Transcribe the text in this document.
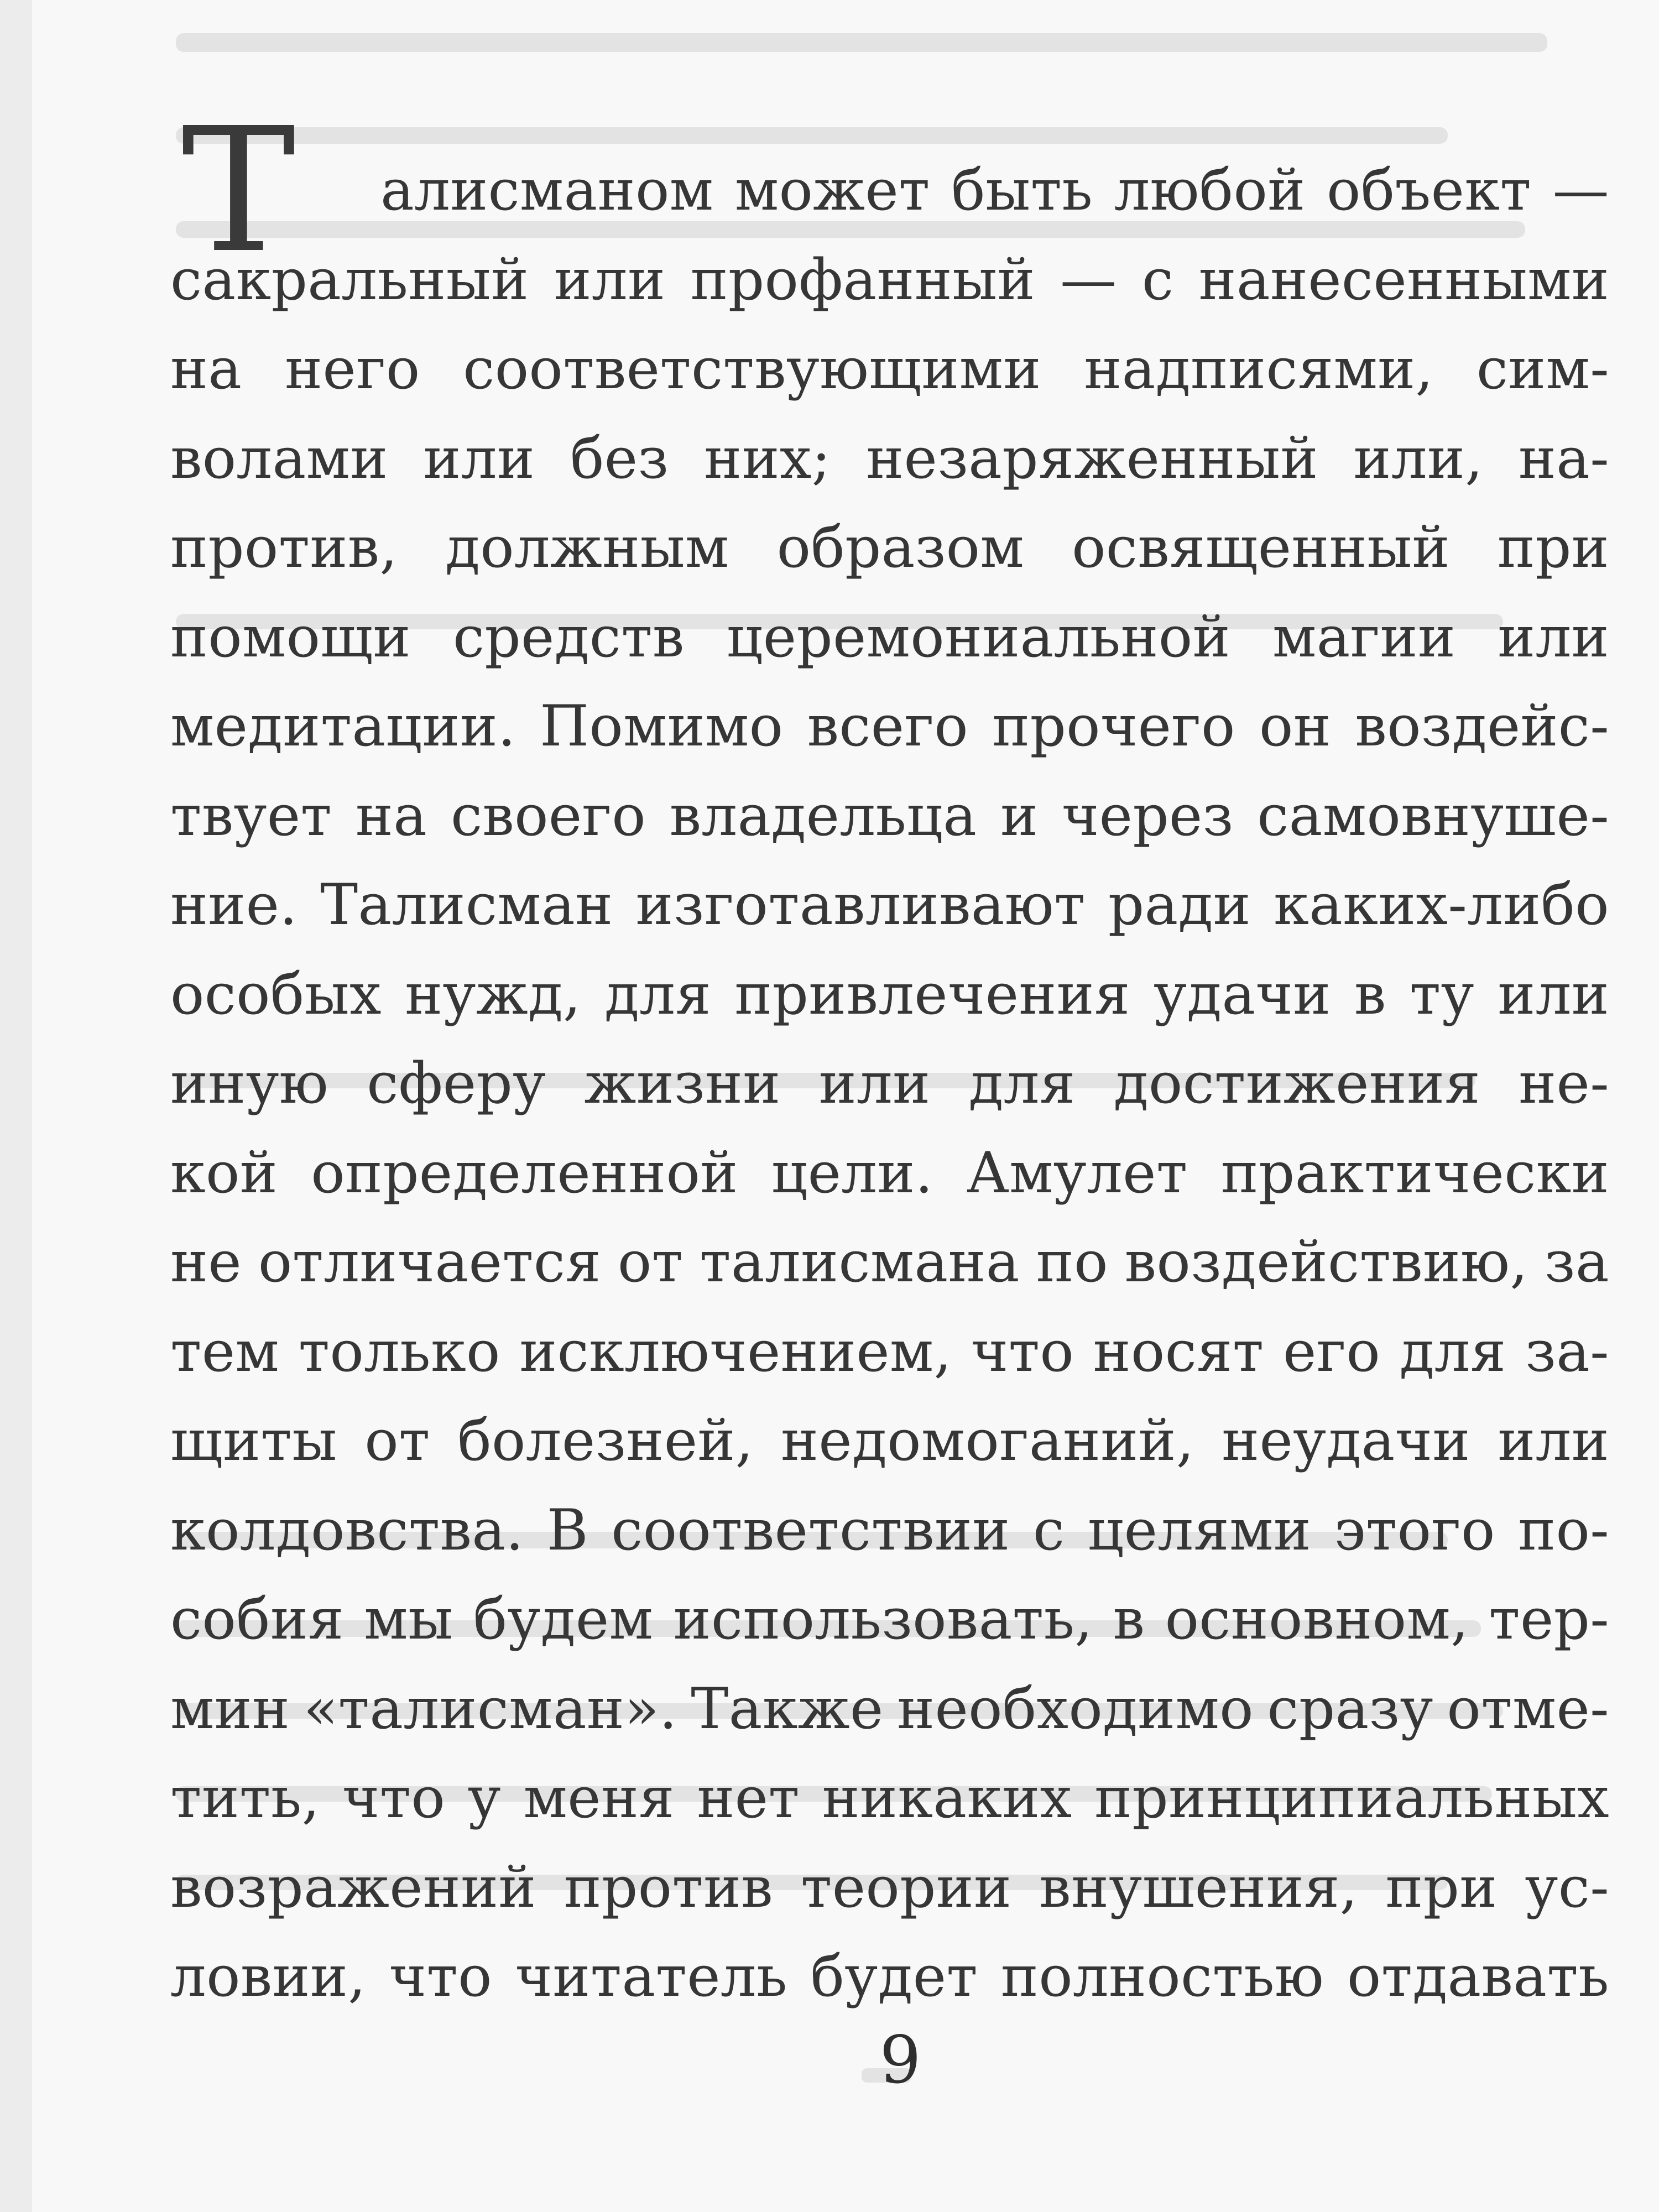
Т алисманом может быть любой объект —
сакральный или профанный — с нанесенными
на него соответствующими надписями, сим-
волами или без них; незаряженный или, на-
против, должным образом освященный при
помощи средств церемониальной магии или
медитации. Помимо всего прочего он воздейс-
твует на своего владельца и через самовнуше-
ние. Талисман изготавливают ради каких-либо
особых нужд, для привлечения удачи в ту или
иную сферу жизни или для достижения не-
кой определенной цели. Амулет практически
не отличается от талисмана по воздействию, за
тем только исключением, что носят его для за-
щиты от болезней, недомоганий, неудачи или
колдовства. В соответствии с целями этого по-
собия мы будем использовать, в основном, тер-
мин «талисман». Также необходимо сразу отме-
тить, что у меня нет никаких принципиальных
возражений против теории внушения, при ус-
ловии, что читатель будет полностью отдавать
9
